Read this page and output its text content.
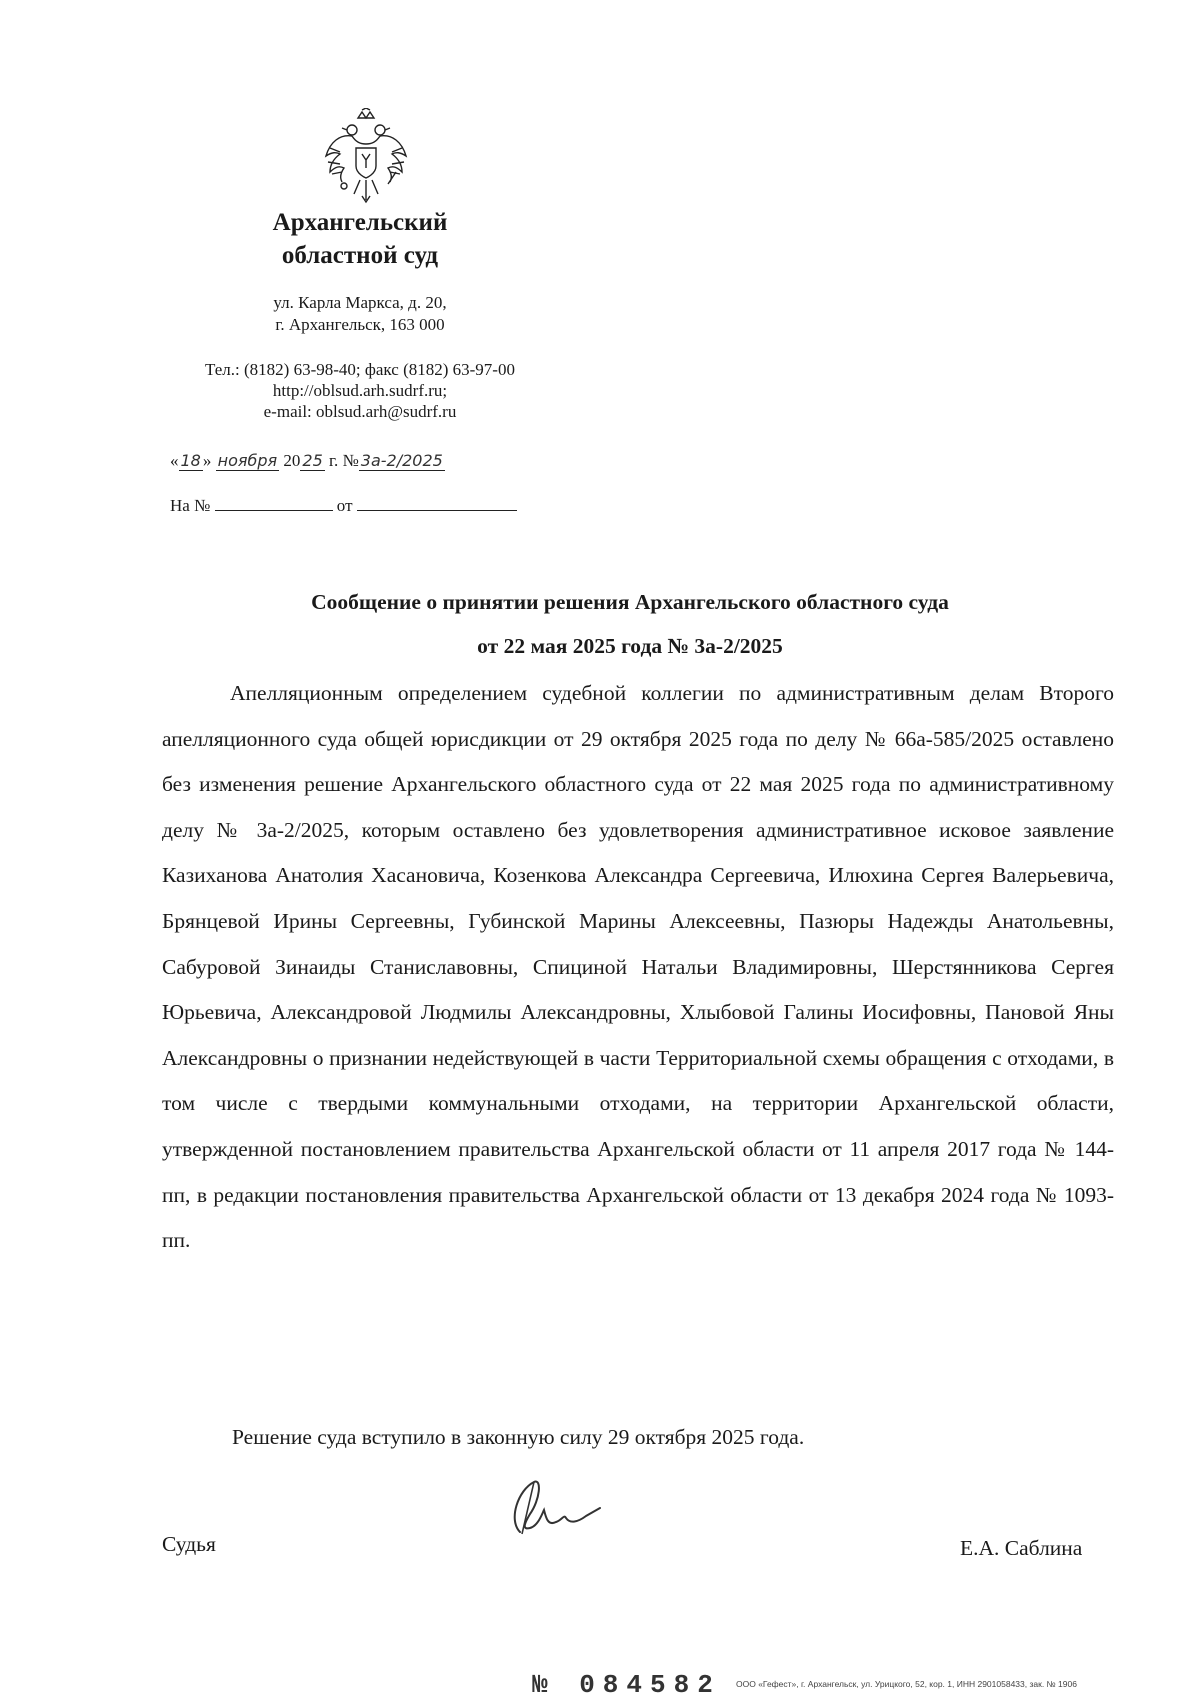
Архангельский
областной суд
ул. Карла Маркса, д. 20,
г. Архангельск, 163 000
Тел.: (8182) 63-98-40; факс (8182) 63-97-00
http://oblsud.arh.sudrf.ru;
e-mail: oblsud.arh@sudrf.ru
« 18 » ноября 20 25 г. № 3а-2/2025
На №	от
Сообщение о принятии решения Архангельского областного суда
от 22 мая 2025 года № 3а-2/2025

Апелляционным определением судебной коллегии по административным делам Второго апелляционного суда общей юрисдикции от 29 октября 2025 года по делу № 66а-585/2025 оставлено без изменения решение Архангельского областного суда от 22 мая 2025 года по административному делу № 3а-2/2025, которым оставлено без удовлетворения административное исковое заявление Казиханова Анатолия Хасановича, Козенкова Александра Сергеевича, Илюхина Сергея Валерьевича, Брянцевой Ирины Сергеевны, Губинской Марины Алексеевны, Пазюры Надежды Анатольевны, Сабуровой Зинаиды Станиславовны, Спициной Натальи Владимировны, Шерстянникова Сергея Юрьевича, Александровой Людмилы Александровны, Хлыбовой Галины Иосифовны, Пановой Яны Александровны о признании недействующей в части Территориальной схемы обращения с отходами, в том числе с твердыми коммунальными отходами, на территории Архангельской области, утвержденной постановлением правительства Архангельской области от 11 апреля 2017 года № 144-пп, в редакции постановления правительства Архангельской области от 13 декабря 2024 года № 1093-пп.

Решение суда вступило в законную силу 29 октября 2025 года.
Судья	Е.А. Саблина
№ 084582 ООО «Гефест», г. Архангельск, ул. Урицкого, 52, кор. 1, ИНН 2901058433, зак. № 1906
